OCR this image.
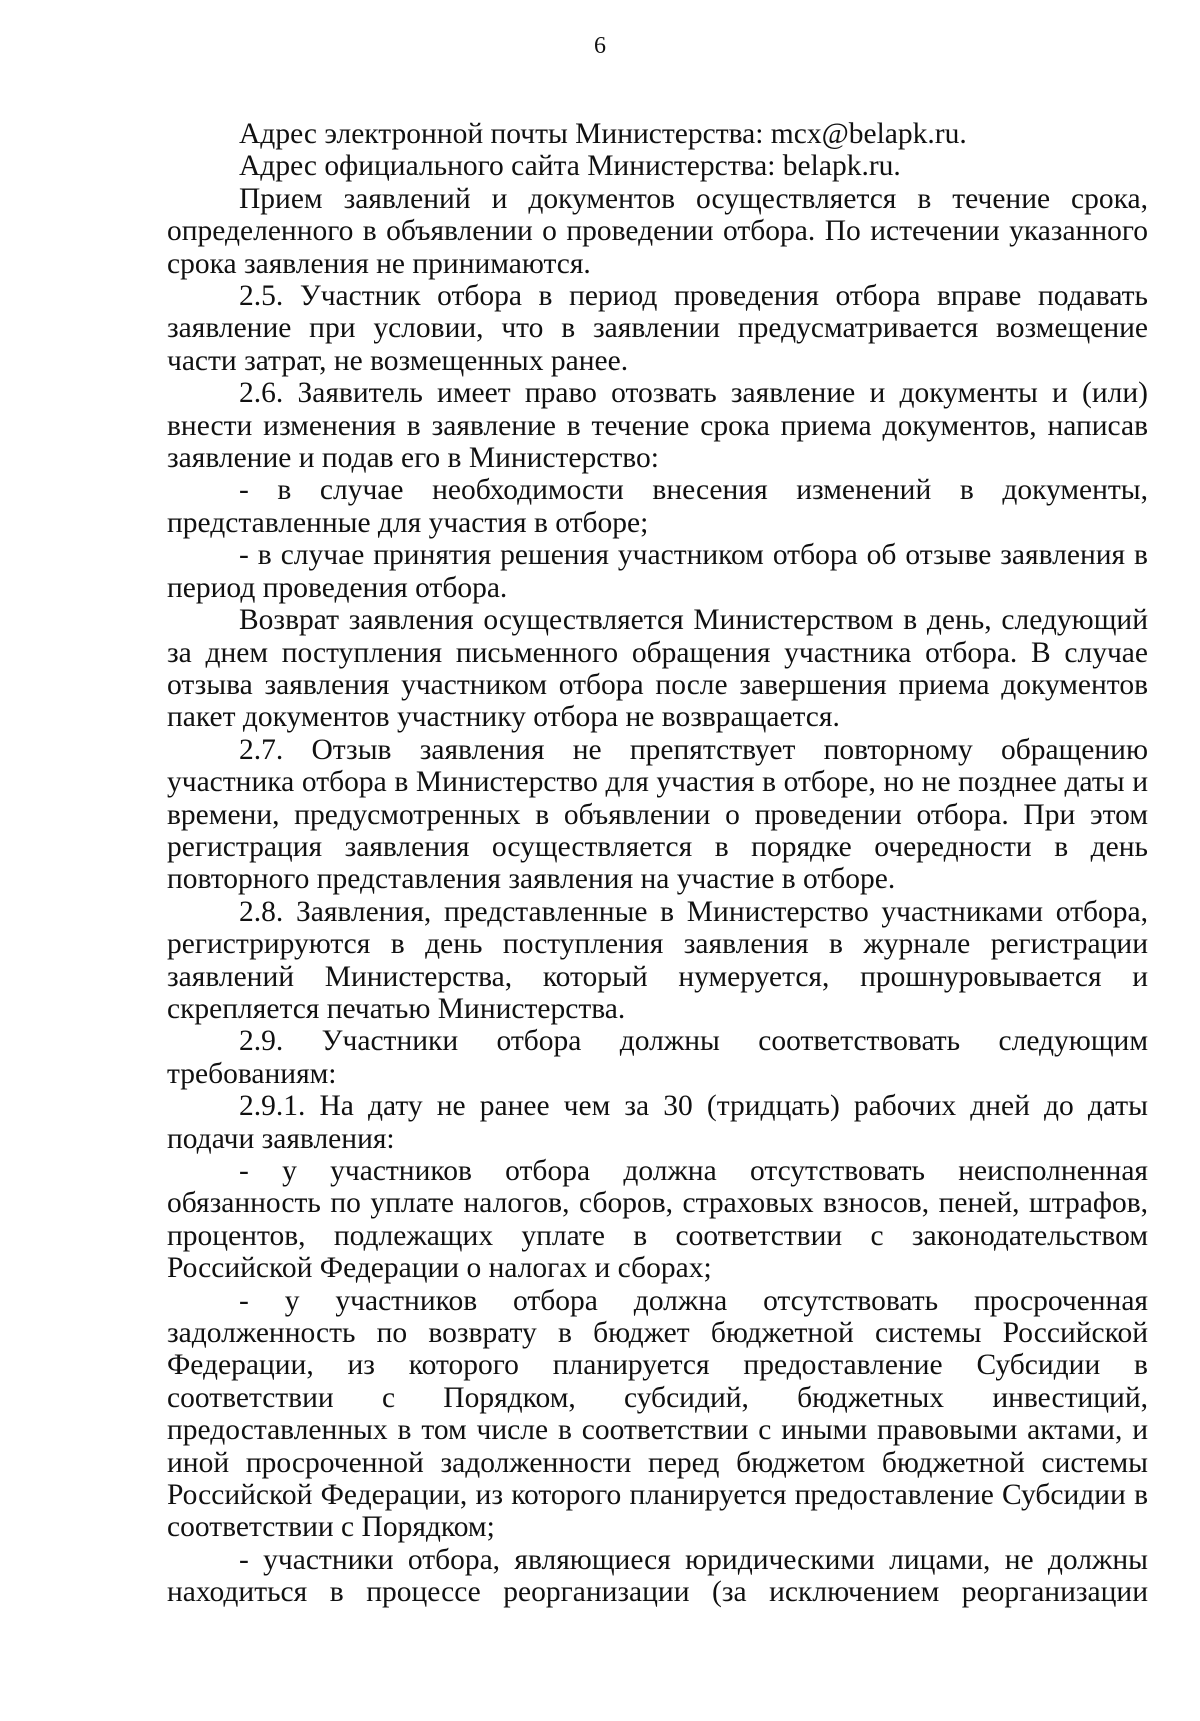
6

Адрес электронной почты Министерства: mcx@belapk.ru.

Адрес официального сайта Министерства: belapk.ru.

Прием заявлений и документов осуществляется в течение срока, определенного в объявлении о проведении отбора. По истечении указанного срока заявления не принимаются.

2.5. Участник отбора в период проведения отбора вправе подавать заявление при условии, что в заявлении предусматривается возмещение части затрат, не возмещенных ранее.

2.6. Заявитель имеет право отозвать заявление и документы и (или) внести изменения в заявление в течение срока приема документов, написав заявление и подав его в Министерство:

- в случае необходимости внесения изменений в документы, представленные для участия в отборе;

- в случае принятия решения участником отбора об отзыве заявления в период проведения отбора.

Возврат заявления осуществляется Министерством в день, следующий за днем поступления письменного обращения участника отбора. В случае отзыва заявления участником отбора после завершения приема документов пакет документов участнику отбора не возвращается.

2.7. Отзыв заявления не препятствует повторному обращению участника отбора в Министерство для участия в отборе, но не позднее даты и времени, предусмотренных в объявлении о проведении отбора. При этом регистрация заявления осуществляется в порядке очередности в день повторного представления заявления на участие в отборе.

2.8. Заявления, представленные в Министерство участниками отбора, регистрируются в день поступления заявления в журнале регистрации заявлений Министерства, который нумеруется, прошнуровывается и скрепляется печатью Министерства.

2.9. Участники отбора должны соответствовать следующим требованиям:

2.9.1. На дату не ранее чем за 30 (тридцать) рабочих дней до даты подачи заявления:

- у участников отбора должна отсутствовать неисполненная обязанность по уплате налогов, сборов, страховых взносов, пеней, штрафов, процентов, подлежащих уплате в соответствии с законодательством Российской Федерации о налогах и сборах;

- у участников отбора должна отсутствовать просроченная задолженность по возврату в бюджет бюджетной системы Российской Федерации, из которого планируется предоставление Субсидии в соответствии с Порядком, субсидий, бюджетных инвестиций, предоставленных в том числе в соответствии с иными правовыми актами, и иной просроченной задолженности перед бюджетом бюджетной системы Российской Федерации, из которого планируется предоставление Субсидии в соответствии с Порядком;

- участники отбора, являющиеся юридическими лицами, не должны находиться в процессе реорганизации (за исключением реорганизации
